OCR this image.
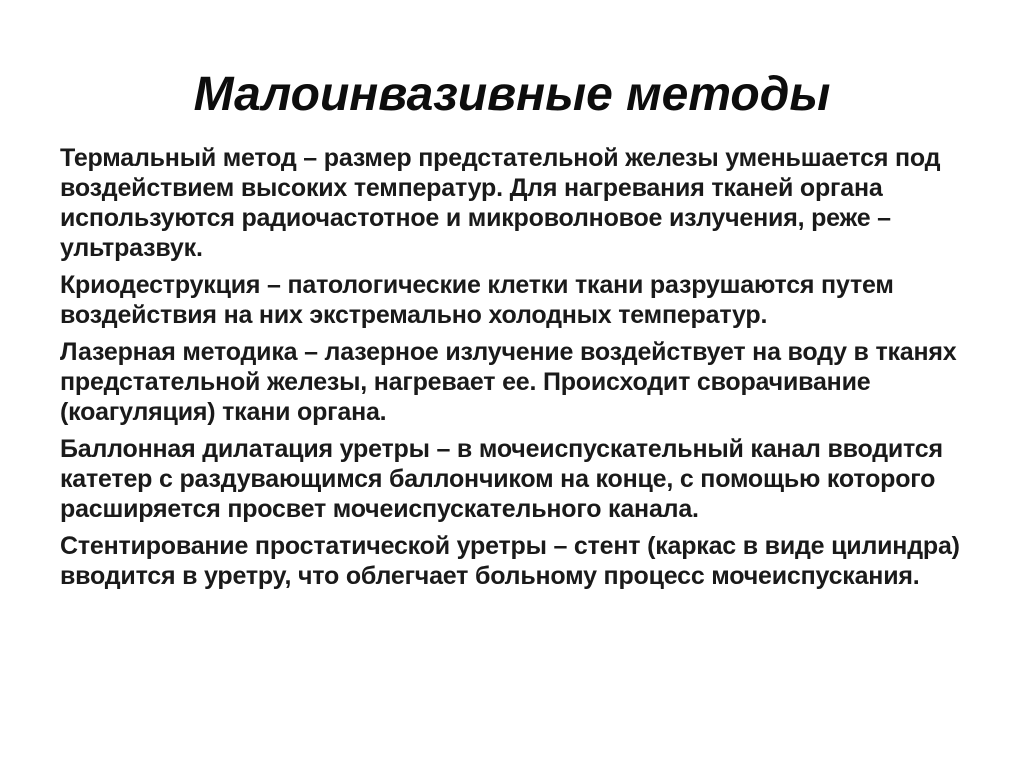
Малоинвазивные методы
Термальный метод – размер предстательной железы уменьшается под воздействием высоких температур. Для нагревания тканей органа используются радиочастотное и микроволновое излучения, реже – ультразвук.
Криодеструкция – патологические клетки ткани разрушаются путем воздействия на них экстремально холодных температур.
Лазерная методика – лазерное излучение воздействует на воду в тканях предстательной железы, нагревает ее. Происходит сворачивание (коагуляция) ткани органа.
Баллонная дилатация уретры – в мочеиспускательный канал вводится катетер с раздувающимся баллончиком на конце, с помощью которого расширяется просвет мочеиспускательного канала.
Стентирование простатической уретры – стент (каркас в виде цилиндра) вводится в уретру, что облегчает больному процесс мочеиспускания.
